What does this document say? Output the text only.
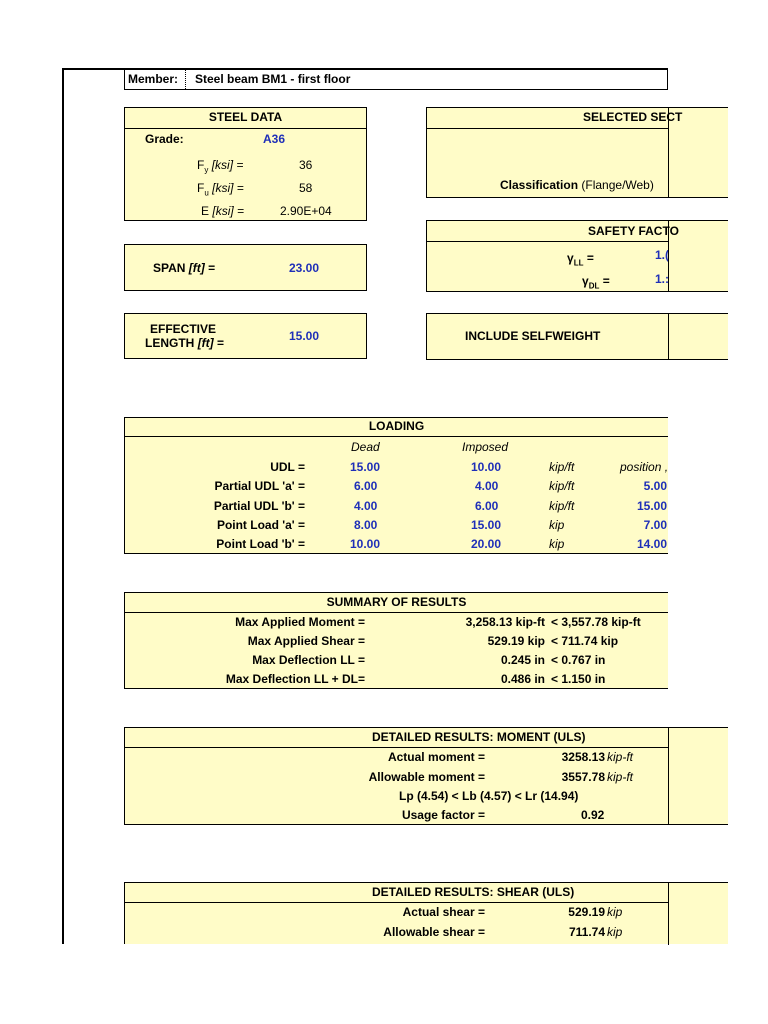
Member: Steel beam BM1 - first floor
STEEL DATA
Grade:	A36
$F_y$ [ksi] =	36
$F_u$ [ksi] =	58
E [ksi] =	2.90E+04
SELECTED SECT
Classification (Flange/Web)
SAFETY FACTO
$\gamma_{LL}$ =	1.(
$\gamma_{DL}$ =	1.:
SPAN [ft] =	23.00
EFFECTIVE
LENGTH [ft] =	15.00	INCLUDE SELFWEIGHT
LOADING
Dead	Imposed
position ,
UDL =	15.00	10.00	kip/ft
Partial UDL 'a' =	6.00	4.00	kip/ft	5.00
Partial UDL 'b' =	4.00	6.00	kip/ft	15.00
Point Load 'a' =	8.00	15.00	kip	7.00
Point Load 'b' =	10.00	20.00	kip	14.00
SUMMARY OF RESULTS
Max Applied Moment =	3,258.13 kip-ft < 3,557.78 kip-ft
Max Applied Shear =	529.19 kip < 711.74 kip
Max Deflection LL =	0.245 in < 0.767 in
Max Deflection LL + DL=	0.486 in < 1.150 in
DETAILED RESULTS: MOMENT (ULS)
Actual moment =	3258.13 kip-ft
Allowable moment =	3557.78 kip-ft
Lp (4.54) < Lb (4.57) < Lr (14.94)
Usage factor =	0.92
DETAILED RESULTS: SHEAR (ULS)
Actual shear =	529.19 kip
Allowable shear =	711.74 kip
